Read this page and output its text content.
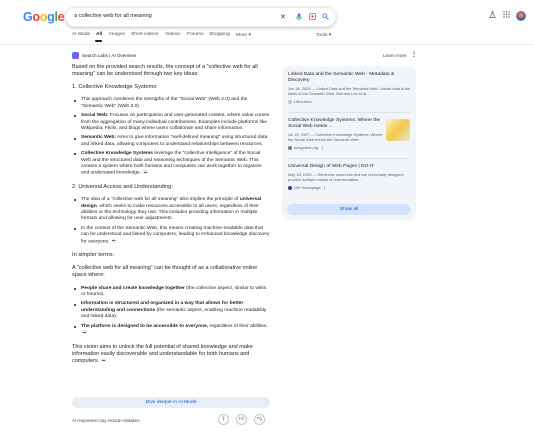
Google a collective web for all meaning	✕
AI Mode All Images Short videos Videos Forums Shopping More ▾	Tools ▾
Search Labs | AI Overview	Learn more ⋮

Based on the provided search results, the concept of a "collective web for all meaning" can be understood through two key ideas:

1. Collective Knowledge Systems:
This approach combines the strengths of the "Social Web" (Web 2.0) and the "Semantic Web" (Web 3.0).
Social Web: Focuses on participation and user-generated content, where value comes from the aggregation of many individual contributions. Examples include platforms like Wikipedia, Flickr, and blogs where users collaborate and share information.
Semantic Web: Aims to give information "well-defined meaning" using structured data and linked data, allowing computers to understand relationships between resources.
Collective Knowledge Systems leverage the "collective intelligence" of the Social Web and the structured data and reasoning techniques of the Semantic Web. This creates a system where both humans and computers can work together to organize and understand knowledge.
2. Universal Access and Understanding:
The idea of a "collective web for all meaning" also implies the principle of universal design, which seeks to make resources accessible to all users, regardless of their abilities or the technology they use. This includes providing information in multiple formats and allowing for user adjustments.
In the context of the Semantic Web, this means creating machine-readable data that can be understood and linked by computers, leading to enhanced knowledge discovery for everyone.
In simpler terms:

A "collective web for all meaning" can be thought of as a collaborative online space where:

People share and create knowledge together (the collective aspect, similar to wikis or forums).
Information is structured and organized in a way that allows for better understanding and connections (the semantic aspect, enabling machine readability and linked data).
The platform is designed to be accessible to everyone, regardless of their abilities.

This vision aims to unlock the full potential of shared knowledge and make information easily discoverable and understandable for both humans and computers.

Linked Data and the Semantic Web - Metadata & Discovery
Jun 18, 2025 — Linked Data and the Semantic Web. Linked data is the basis of the Semantic Web. Berners-Lee et al. ...
LibGuides
Collective Knowledge Systems: Where the Social Web meets ...
Jul 15, 2007 — Collective Knowledge Systems: Where the Social Web meets the Semantic Web.
tomgruber.org ⋮
Universal Design of Web Pages | DO-IT
May 18, 2025 — Electronic resources that are universally designed provide multiple means of representation,...
UW Homepage ⋮
Show all
Dive deeper in AI Mode
AI responses may include mistakes.	⇪	👍︎	👎︎
